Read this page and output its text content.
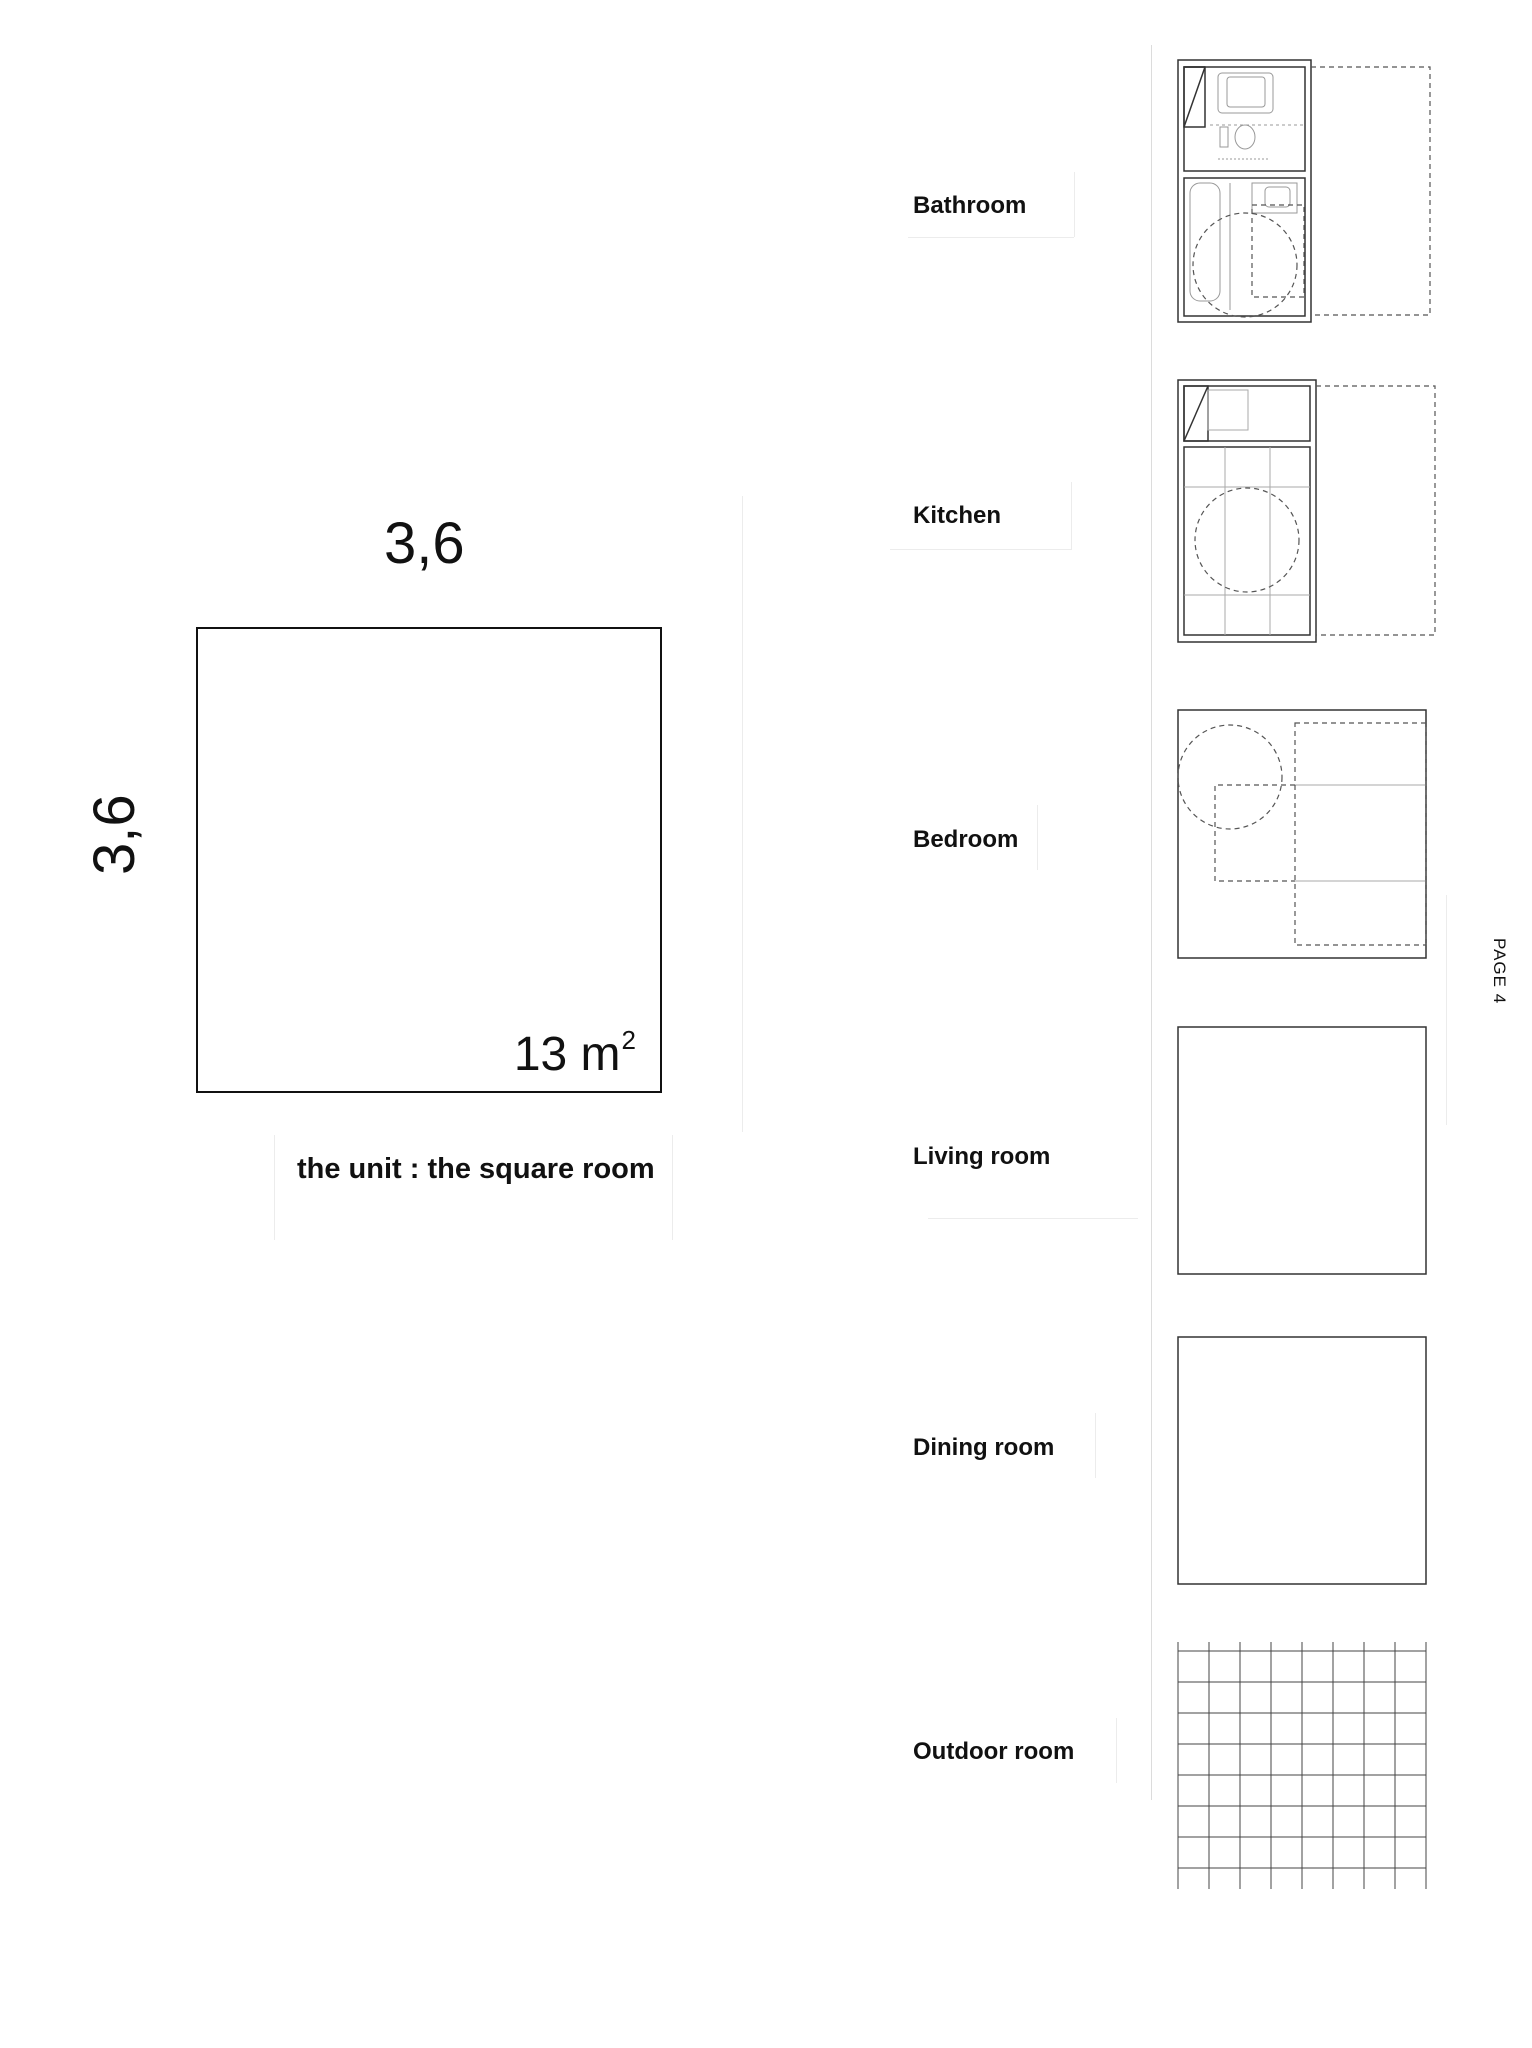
3,6
3,6
13 $m^2$
the unit : the square room
Bathroom
Kitchen
Bedroom
Living room
Dining room
Outdoor room
PAGE 4
